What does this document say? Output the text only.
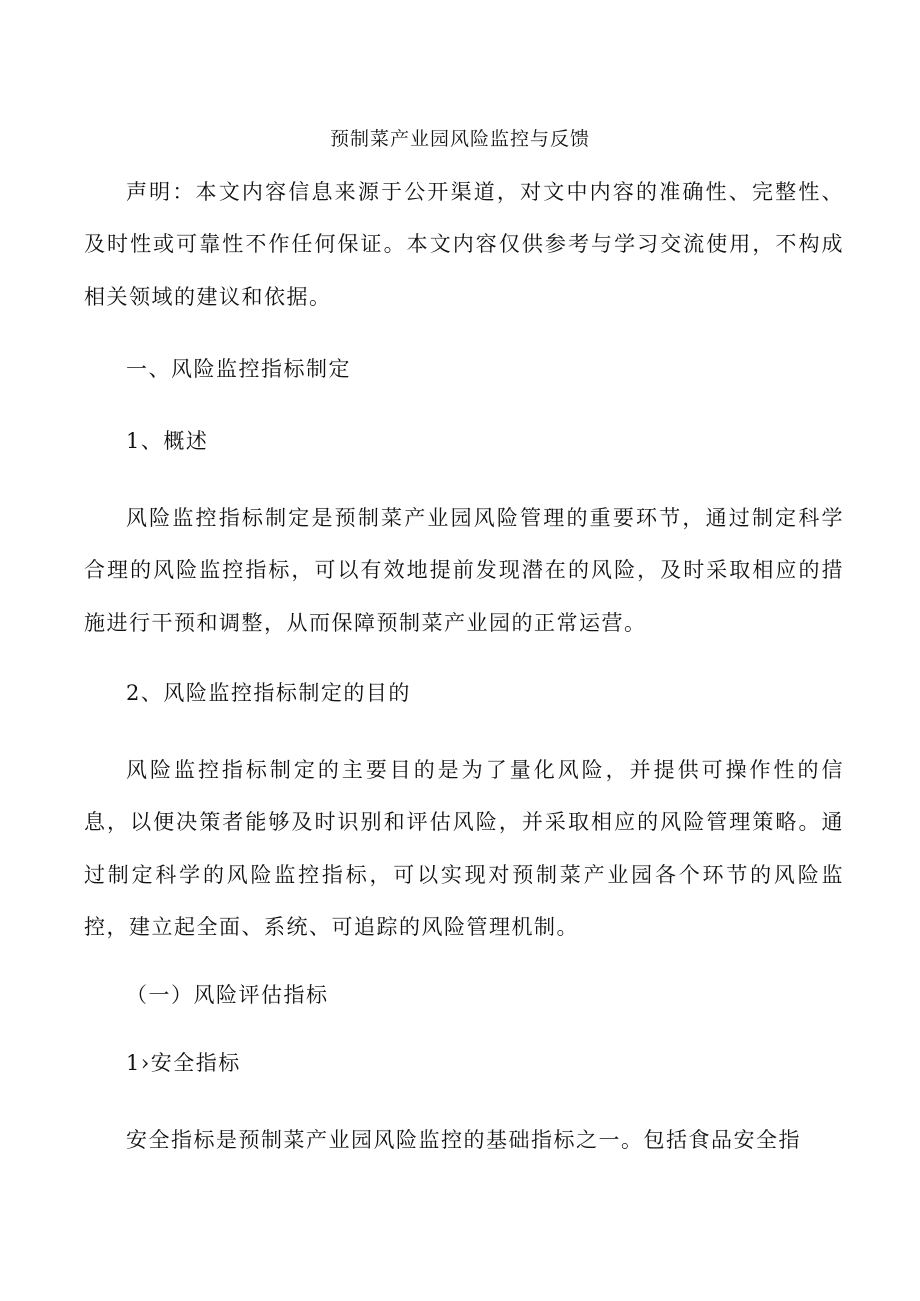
预制菜产业园风险监控与反馈

声明：本文内容信息来源于公开渠道，对文中内容的准确性、完整性、及时性或可靠性不作任何保证。本文内容仅供参考与学习交流使用，不构成相关领域的建议和依据。

一、风险监控指标制定
1、概述

风险监控指标制定是预制菜产业园风险管理的重要环节，通过制定科学合理的风险监控指标，可以有效地提前发现潜在的风险，及时采取相应的措施进行干预和调整，从而保障预制菜产业园的正常运营。

2、风险监控指标制定的目的

风险监控指标制定的主要目的是为了量化风险，并提供可操作性的信息，以便决策者能够及时识别和评估风险，并采取相应的风险管理策略。通过制定科学的风险监控指标，可以实现对预制菜产业园各个环节的风险监控，建立起全面、系统、可追踪的风险管理机制。

（一）风险评估指标
1›安全指标

安全指标是预制菜产业园风险监控的基础指标之一。包括食品安全指
